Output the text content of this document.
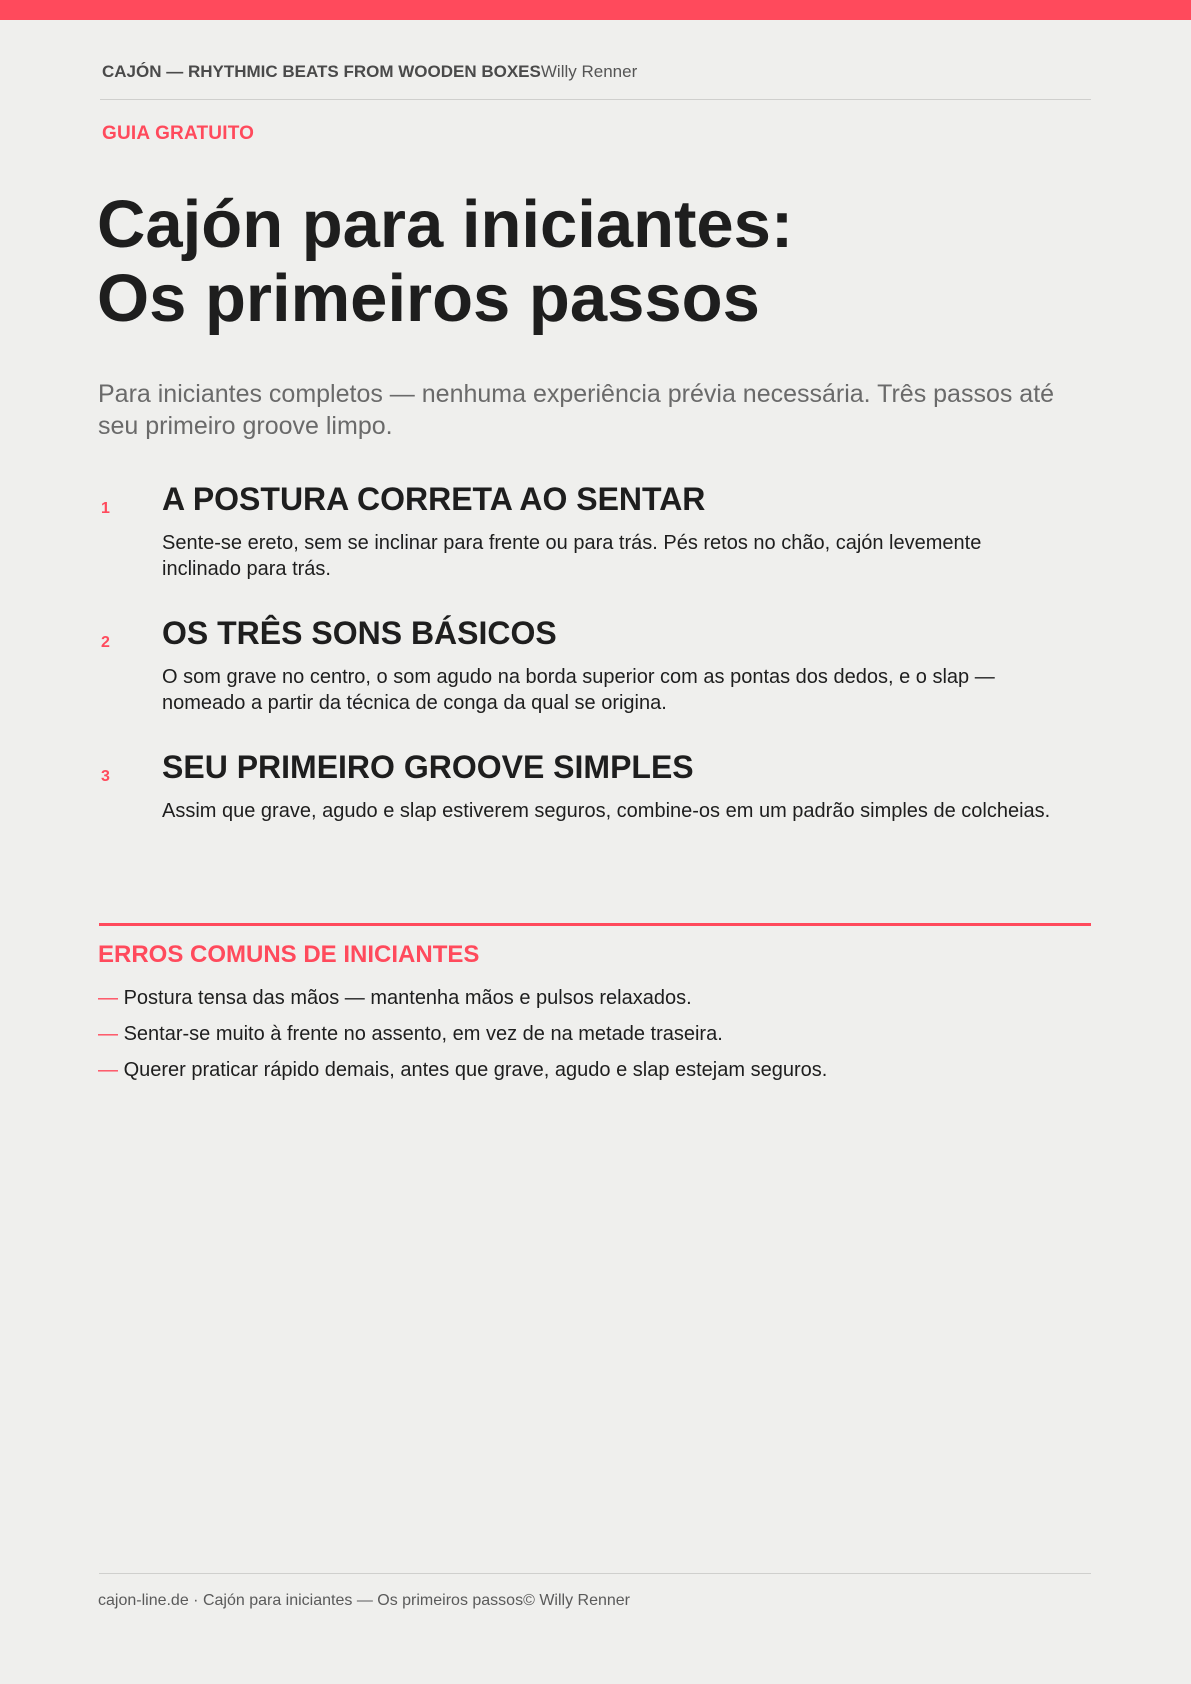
CAJÓN — RHYTHMIC BEATS FROM WOODEN BOXESWilly Renner
GUIA GRATUITO
Cajón para iniciantes:
Os primeiros passos

Para iniciantes completos — nenhuma experiência prévia necessária. Três passos até seu primeiro groove limpo.

1 A POSTURA CORRETA AO SENTAR

Sente-se ereto, sem se inclinar para frente ou para trás. Pés retos no chão, cajón levemente inclinado para trás.

2 OS TRÊS SONS BÁSICOS

O som grave no centro, o som agudo na borda superior com as pontas dos dedos, e o slap — nomeado a partir da técnica de conga da qual se origina.

3 SEU PRIMEIRO GROOVE SIMPLES

Assim que grave, agudo e slap estiverem seguros, combine-os em um padrão simples de colcheias.

ERROS COMUNS DE INICIANTES
— Postura tensa das mãos — mantenha mãos e pulsos relaxados.
— Sentar-se muito à frente no assento, em vez de na metade traseira.
— Querer praticar rápido demais, antes que grave, agudo e slap estejam seguros.
cajon-line.de · Cajón para iniciantes — Os primeiros passos© Willy Renner
